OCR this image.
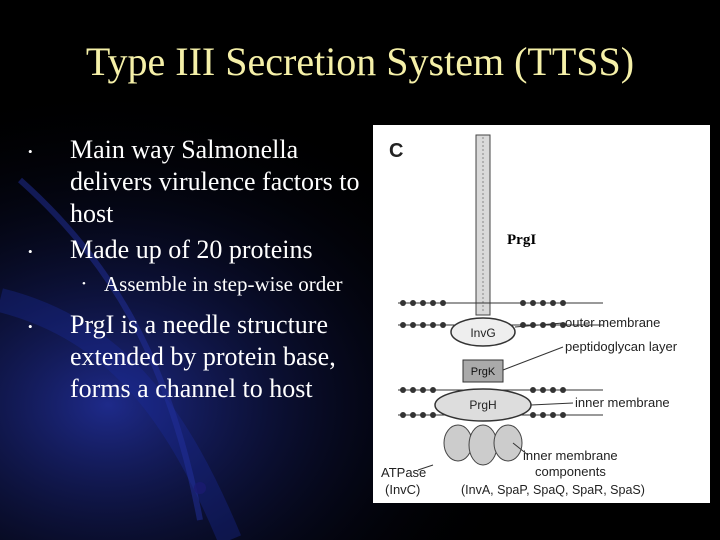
Type III Secretion System (TTSS)
• Main way Salmonella delivers virulence factors to host
• Made up of 20 proteins
• Assemble in step-wise order
• PrgI is a needle structure extended by protein base, forms a channel to host
C
PrgI
InvG
PrgK
PrgH
outer membrane
peptidoglycan layer
inner membrane
inner membrane
components
(InvA, SpaP, SpaQ, SpaR, SpaS)
ATPase
(InvC)
